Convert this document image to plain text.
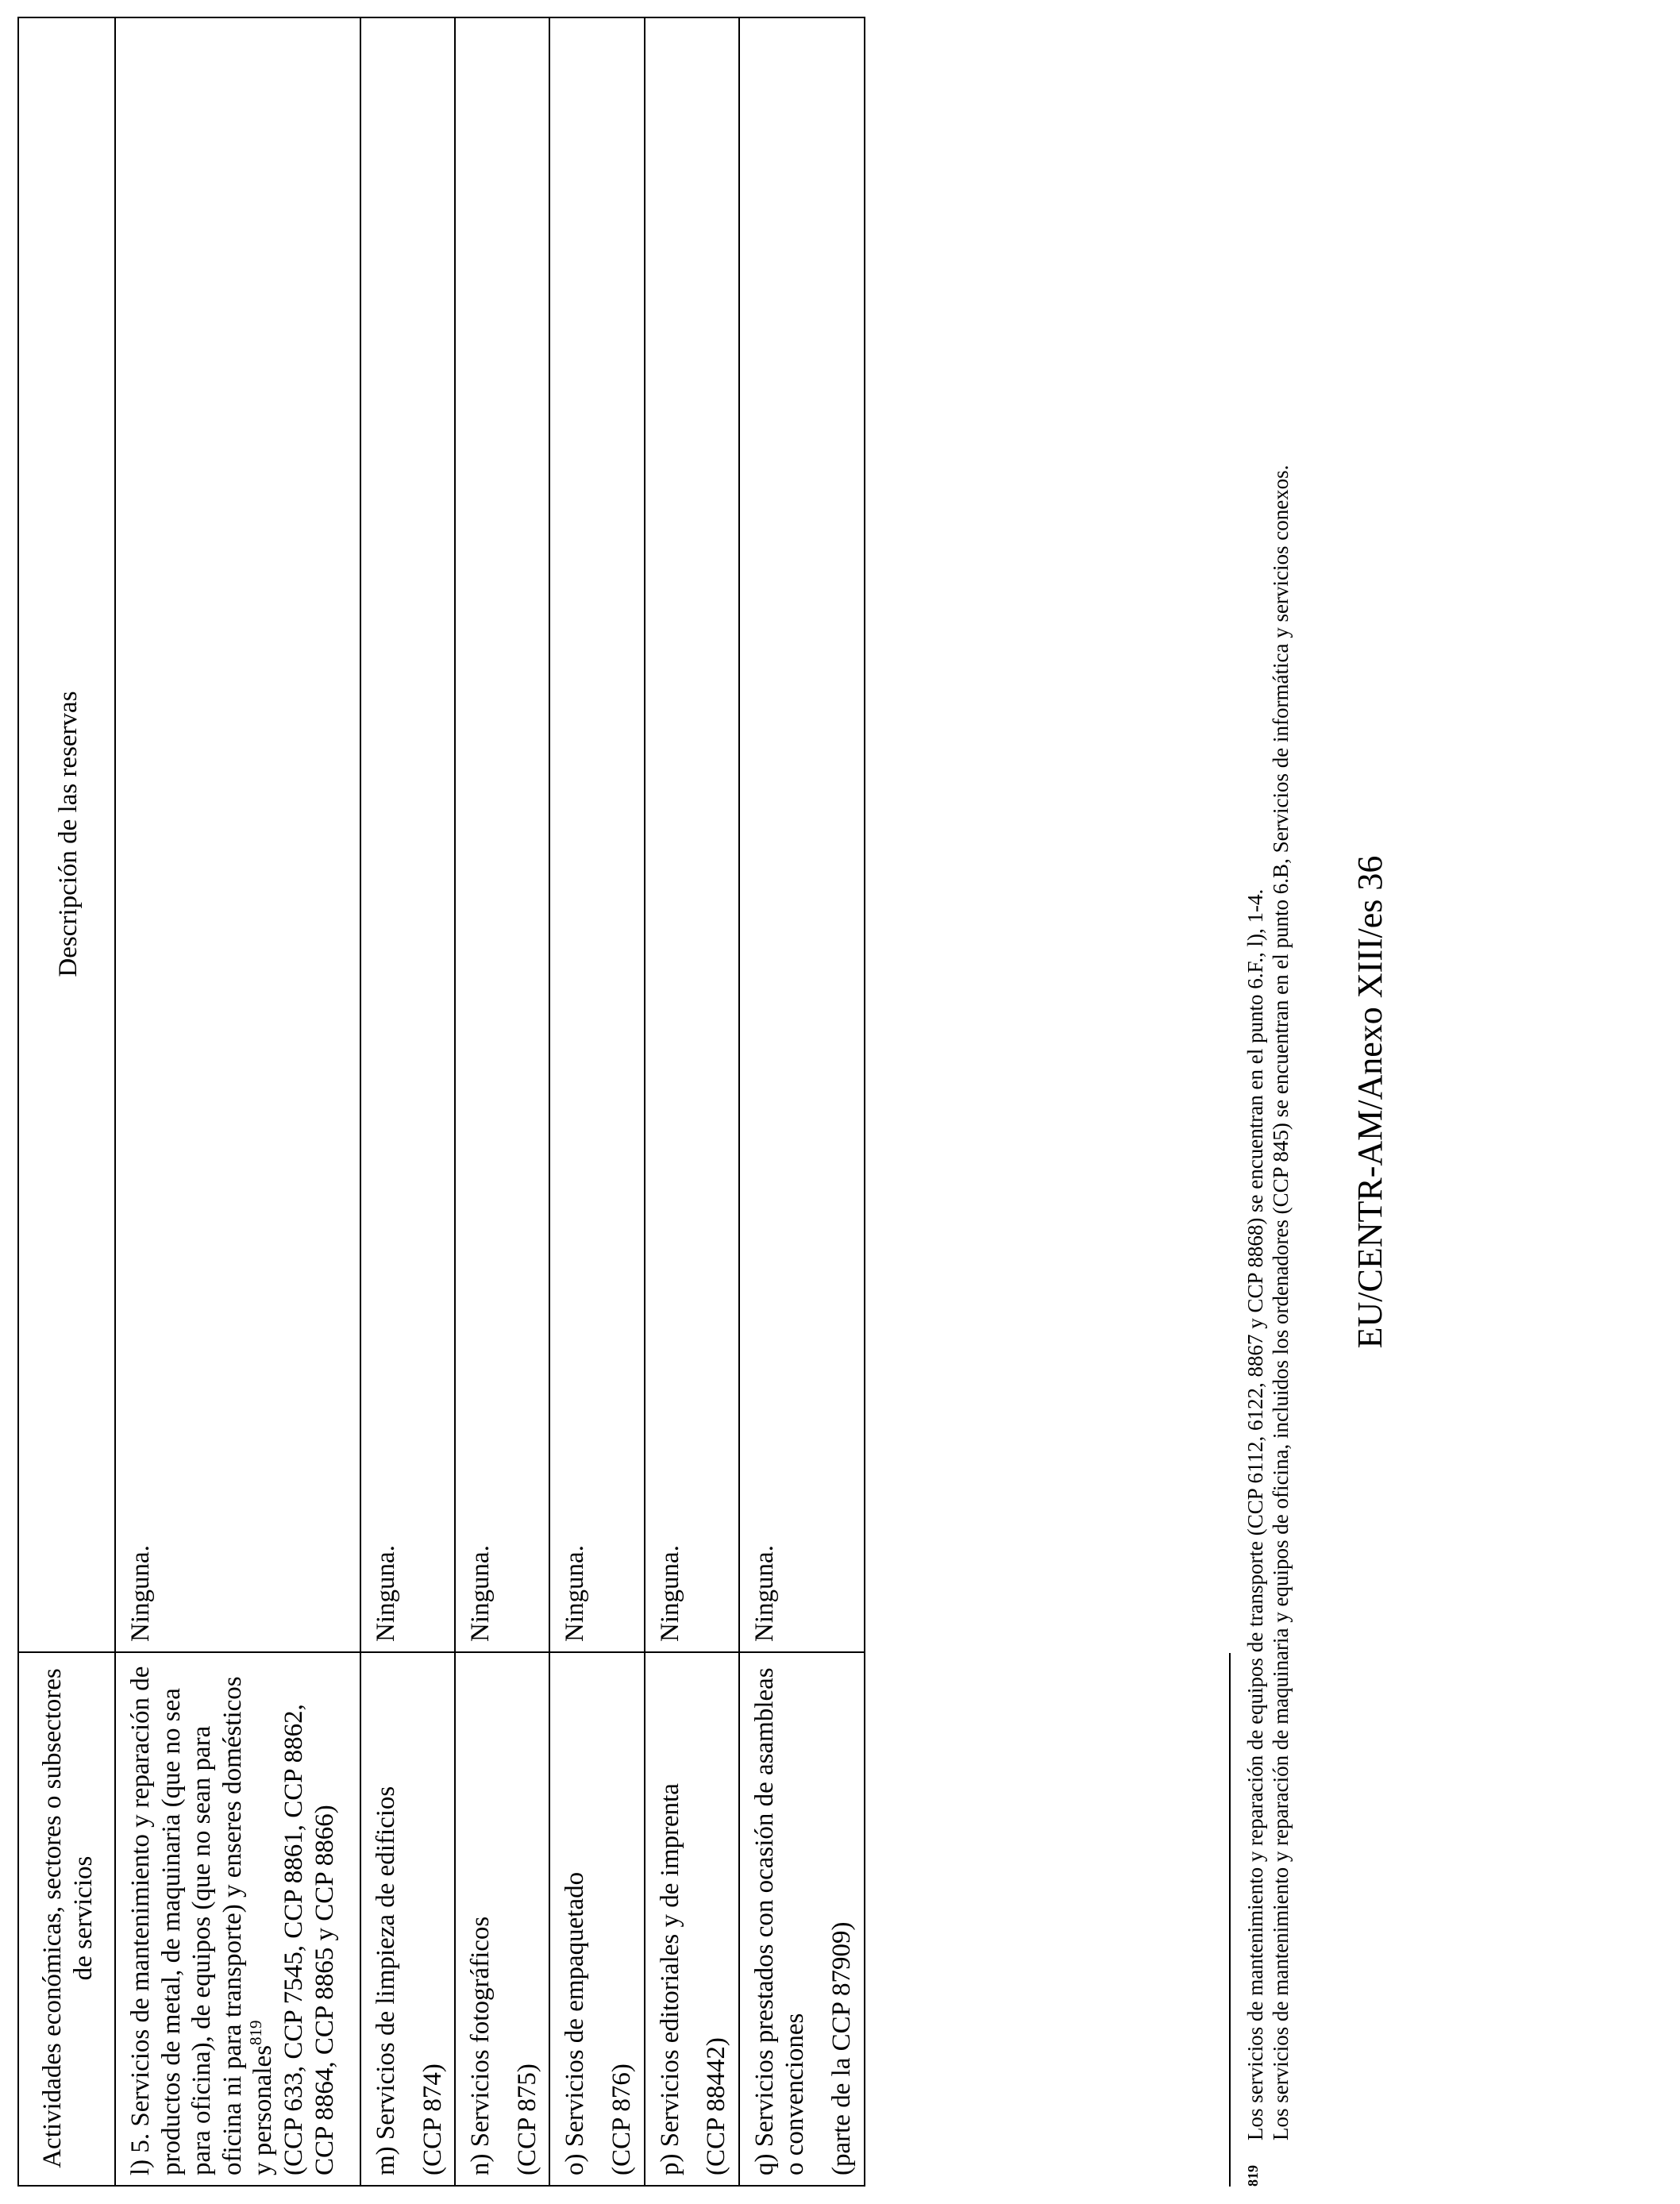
Actividades económicas, sectores o subsectores de servicios	Descripción de las reservas

l) 5. Servicios de mantenimiento y reparación de productos de metal, de maquinaria (que no sea para oficina), de equipos (que no sean para oficina ni para transporte) y enseres domésticos y personales$^{819}$ (CCP 633, CCP 7545, CCP 8861, CCP 8862, CCP 8864, CCP 8865 y CCP 8866)	Ninguna.

m) Servicios de limpieza de edificios (CCP 874)	Ninguna.

n) Servicios fotográficos (CCP 875)	Ninguna.

o) Servicios de empaquetado (CCP 876)	Ninguna.

p) Servicios editoriales y de imprenta (CCP 88442)	Ninguna.

q) Servicios prestados con ocasión de asambleas o convenciones (parte de la CCP 87909)	Ninguna.
819
Los servicios de mantenimiento y reparación de equipos de transporte (CCP 6112, 6122, 8867 y CCP 8868) se encuentran en el punto 6.F., l), 1-4. Los servicios de mantenimiento y reparación de maquinaria y equipos de oficina, incluidos los ordenadores (CCP 845) se encuentran en el punto 6.B, Servicios de informática y servicios conexos. EU/CENTR-AM/Anexo XIII/es 36
